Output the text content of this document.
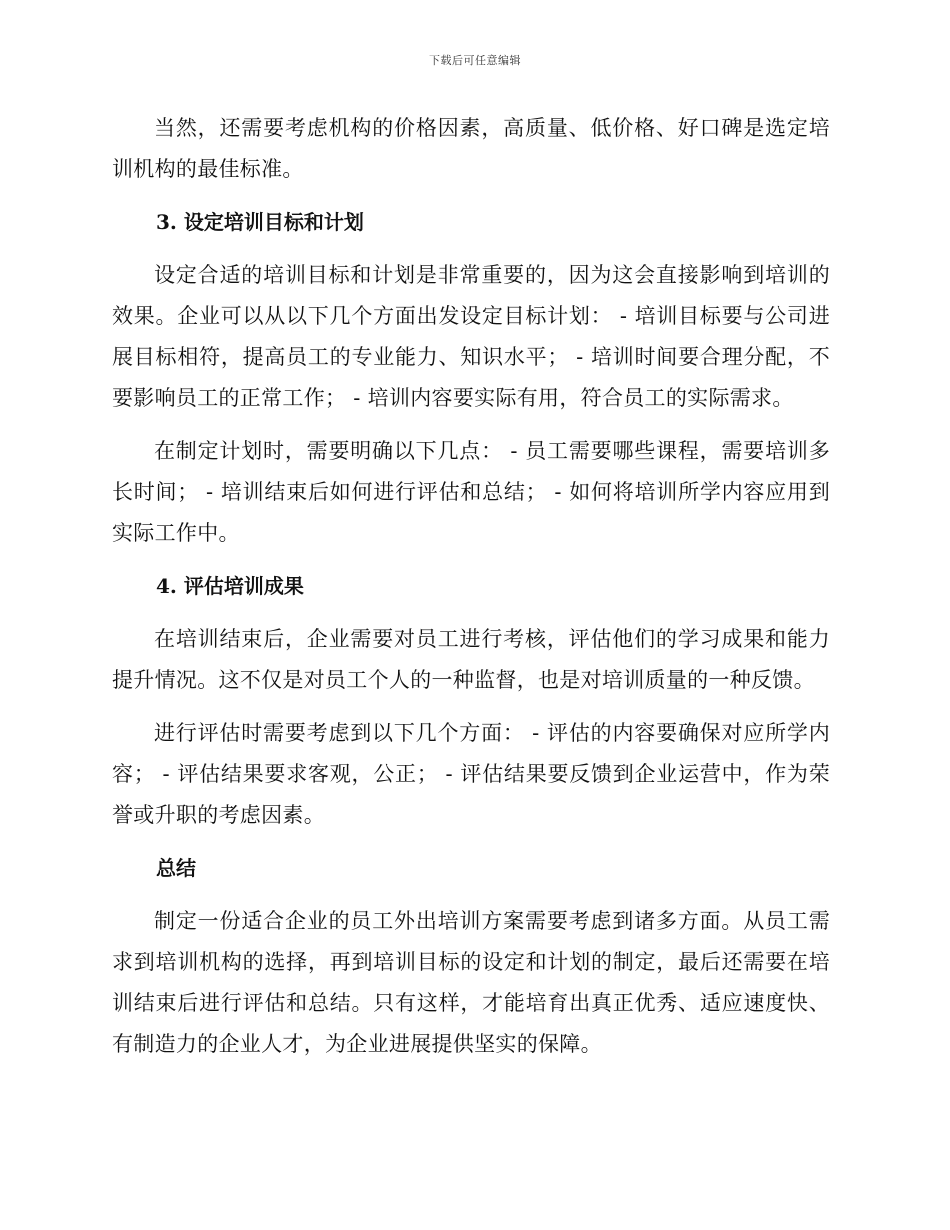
下载后可任意编辑

当然，还需要考虑机构的价格因素，高质量、低价格、好口碑是选定培训机构的最佳标准。

3. 设定培训目标和计划

设定合适的培训目标和计划是非常重要的，因为这会直接影响到培训的效果。企业可以从以下几个方面出发设定目标计划： - 培训目标要与公司进展目标相符，提高员工的专业能力、知识水平； - 培训时间要合理分配，不要影响员工的正常工作； - 培训内容要实际有用，符合员工的实际需求。

在制定计划时，需要明确以下几点： - 员工需要哪些课程，需要培训多长时间； - 培训结束后如何进行评估和总结； - 如何将培训所学内容应用到实际工作中。

4. 评估培训成果

在培训结束后，企业需要对员工进行考核，评估他们的学习成果和能力提升情况。这不仅是对员工个人的一种监督，也是对培训质量的一种反馈。

进行评估时需要考虑到以下几个方面： - 评估的内容要确保对应所学内容； - 评估结果要求客观，公正； - 评估结果要反馈到企业运营中，作为荣誉或升职的考虑因素。

总结

制定一份适合企业的员工外出培训方案需要考虑到诸多方面。从员工需求到培训机构的选择，再到培训目标的设定和计划的制定，最后还需要在培训结束后进行评估和总结。只有这样，才能培育出真正优秀、适应速度快、有制造力的企业人才，为企业进展提供坚实的保障。
